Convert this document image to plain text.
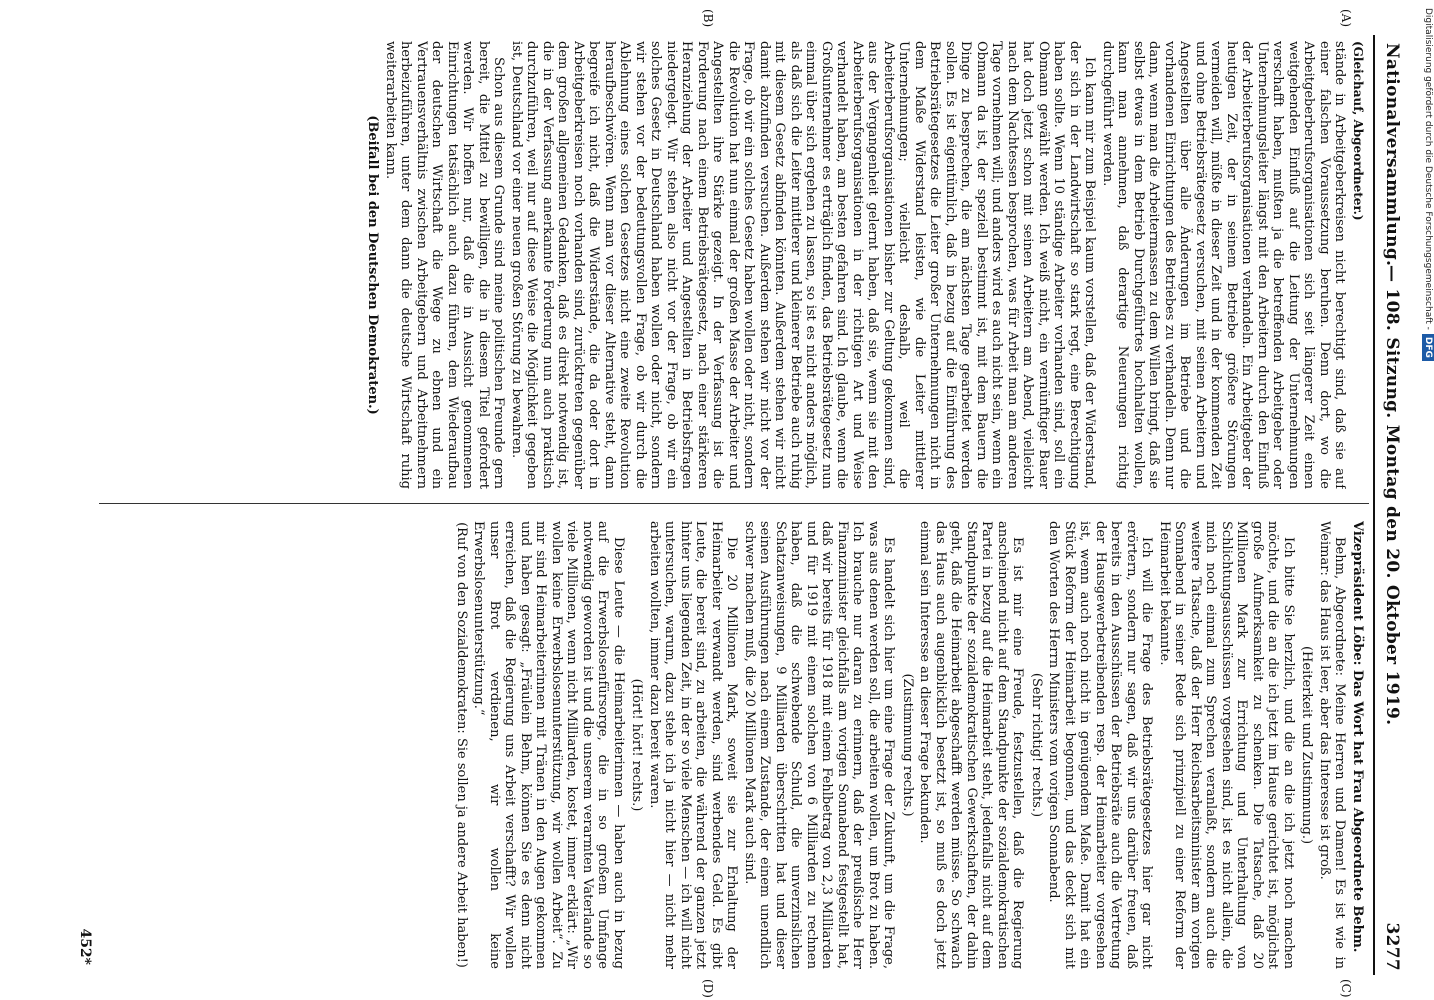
Nationalversammlung.
— 108. Sitzung. Montag den 20. Oktober 1919.
3277
(A)
(B)
(C)
(D)
(Gleichauf, Abgeordneter.)

stände in Arbeitgeberkreisen nicht berechtigt sind, daß sie auf einer falschen Voraussetzung beruhen. Denn dort, wo die Arbeitgeberberufsorganisationen sich seit längerer Zeit einen weitgehenden Einfluß auf die Leitung der Unternehmungen verschafft haben, mußten ja die betreffenden Arbeitgeber oder Unternehmungsleiter längst mit den Arbeitern durch den Einfluß der Arbeiterberufsorganisationen verhandeln. Ein Arbeitgeber der heutigen Zeit, der in seinem Betriebe größere Störungen vermeiden will, müßte in dieser Zeit und in der kommenden Zeit und ohne Betriebsrätegesetz versuchen, mit seinen Arbeitern und Angestellten über alle Änderungen im Betriebe und die vorhandenen Einrichtungen des Betriebes zu verhandeln. Denn nur dann, wenn man die Arbeitermassen zu dem Willen bringt, daß sie selbst etwas in dem Betrieb Durchgeführtes hochhalten wollen, kann man annehmen, daß derartige Neuerungen richtig durchgeführt werden.

Ich kann mir zum Beispiel kaum vorstellen, daß der Widerstand, der sich in der Landwirtschaft so stark regt, eine Berechtigung haben sollte. Wenn 10 ständige Arbeiter vorhanden sind, soll ein Obmann gewählt werden. Ich weiß nicht, ein vernünftiger Bauer hat doch jetzt schon mit seinen Arbeitern am Abend, vielleicht nach dem Nachtessen besprochen, was für Arbeit man am anderen Tage vornehmen will; und anders wird es auch nicht sein, wenn ein Obmann da ist, der speziell bestimmt ist, mit dem Bauern die Dinge zu besprechen, die am nächsten Tage gearbeitet werden sollen. Es ist eigentümlich, daß in bezug auf die Einführung des Betriebsrätegesetzes die Leiter großer Unternehmungen nicht in dem Maße Widerstand leisten, wie die Leiter mittlerer Unternehmungen; vielleicht deshalb, weil die Arbeiterberufsorganisationen bisher zur Geltung gekommen sind, aus der Vergangenheit gelernt haben, daß sie, wenn sie mit den Arbeiterberufsorganisationen in der richtigen Art und Weise verhandelt haben, am besten gefahren sind. Ich glaube, wenn die Großunternehmer es erträglich finden, das Betriebsrätegesetz nun einmal über sich ergehen zu lassen, so ist es nicht anders möglich, als daß sich die Leiter mittlerer und kleinerer Betriebe auch ruhig mit diesem Gesetz abfinden könnten. Außerdem stehen wir nicht damit abzufinden versuchen. Außerdem stehen wir nicht vor der Frage, ob wir ein solches Gesetz haben wollen oder nicht, sondern die Revolution hat nun einmal der großen Masse der Arbeiter und Angestellten ihre Stärke gezeigt. In der Verfassung ist die Forderung nach einem Betriebsrätegesetz, nach einer stärkeren Heranziehung der Arbeiter und Angestellten in Betriebsfragen niedergelegt. Wir stehen also nicht vor der Frage, ob wir ein solches Gesetz in Deutschland haben wollen oder nicht, sondern wir stehen vor der bedeutungsvollen Frage, ob wir durch die Ablehnung eines solchen Gesetzes nicht eine zweite Revolution heraufbeschwören. Wenn man vor dieser Alternative steht, dann begreife ich nicht, daß die Widerstände, die da oder dort in Arbeitgeberkreisen noch vorhanden sind, zurücktreten gegenüber dem großen allgemeinen Gedanken, daß es direkt notwendig ist, die in der Verfassung anerkannte Forderung nun auch praktisch durchzuführen, weil nur auf diese Weise die Möglichkeit gegeben ist, Deutschland vor einer neuen großen Störung zu bewahren.

Schon aus diesem Grunde sind meine politischen Freunde gern bereit, die Mittel zu bewilligen, die in diesem Titel gefordert werden. Wir hoffen nur, daß die in Aussicht genommenen Einrichtungen tatsächlich auch dazu führen, dem Wiederaufbau der deutschen Wirtschaft die Wege zu ebnen und ein Vertrauensverhältnis zwischen Arbeitgebern und Arbeitnehmern herbeizuführen, unter dem dann die deutsche Wirtschaft ruhig weiterarbeiten kann.

(Beifall bei den Deutschen Demokraten.)

Vizepräsident Löbe: Das Wort hat Frau Abgeordnete Behm.

Behm, Abgeordnete: Meine Herren und Damen! Es ist wie in Weimar: das Haus ist leer, aber das Interesse ist groß.

(Heiterkeit und Zustimmung.)

Ich bitte Sie herzlich, und die an die ich jetzt noch machen möchte, und die an die ich jetzt im Hause gerichtet ist, möglichst große Aufmerksamkeit zu schenken. Die Tatsache, daß 20 Millionen Mark zur Errichtung und Unterhaltung von Schlichtungsausschüssen vorgesehen sind, ist es nicht allein, die mich noch einmal zum Sprechen veranlaßt, sondern auch die weitere Tatsache, daß der Herr Reichsarbeitsminister am vorigen Sonnabend in seiner Rede sich prinzipiell zu einer Reform der Heimarbeit bekannte.

Ich will die Frage des Betriebsrätegesetzes hier gar nicht erörtern, sondern nur sagen, daß wir uns darüber freuen, daß bereits in den Ausschüssen der Betriebsräte auch die Vertretung der Hausgewerbetreibenden resp. der Heimarbeiter vorgesehen ist, wenn auch noch nicht in genügendem Maße. Damit hat ein Stück Reform der Heimarbeit begonnen, und das deckt sich mit den Worten des Herrn Ministers vom vorigen Sonnabend.

(Sehr richtig! rechts.)

Es ist mir eine Freude, festzustellen, daß die Regierung anscheinend nicht auf dem Standpunkte der sozialdemokratischen Partei in bezug auf die Heimarbeit steht, jedenfalls nicht auf dem Standpunkte der sozialdemokratischen Gewerkschaften, der dahin geht, daß die Heimarbeit abgeschafft werden müsse. So schwach das Haus auch augenblicklich besetzt ist, so muß es doch jetzt einmal sein Interesse an dieser Frage bekunden.

(Zustimmung rechts.)

Es handelt sich hier um eine Frage der Zukunft, um die Frage, was aus denen werden soll, die arbeiten wollen, um Brot zu haben. Ich brauche nur daran zu erinnern, daß der preußische Herr Finanzminister gleichfalls am vorigen Sonnabend festgestellt hat, daß wir bereits für 1918 mit einem Fehlbetrag von 2,3 Milliarden und für 1919 mit einem solchen von 6 Milliarden zu rechnen haben, daß die schwebende Schuld, die unverzinslichen Schatzanweisungen, 9 Milliarden überschritten hat und dieser seinen Ausführungen nach einem Zustande, der einem unendlich schwer machen muß, die 20 Millionen Mark auch sind.

Die 20 Millionen Mark, soweit sie zur Erhaltung der Heimarbeiter verwandt werden, sind werbendes Geld. Es gibt Leute, die bereit sind, zu arbeiten, die während der ganzen jetzt hinter uns liegenden Zeit, in der so viele Menschen — ich will nicht untersuchen, warum, dazu stehe ich ja nicht hier — nicht mehr arbeiten wollten, immer dazu bereit waren.

(Hört! hört! rechts.)

Diese Leute — die Heimarbeiterinnen — haben auch in bezug auf die Erwerbslosenfürsorge, die in so großem Umfange notwendig geworden ist und die unserem verarmten Vaterlande so viele Millionen, wenn nicht Milliarden, kostet, immer erklärt: „Wir wollen keine Erwerbslosenunterstützung, wir wollen Arbeit“. Zu mir sind Heimarbeiterinnen mit Tränen in den Augen gekommen und haben gesagt: „Fräulein Behm, können Sie es denn nicht erreichen, daß die Regierung uns Arbeit verschafft? Wir wollen unser Brot verdienen, wir wollen keine Erwerbslosenunterstützung.“

(Ruf von den Sozialdemokraten: Sie sollen ja andere Arbeit haben!)

452*
Digitalisierung gefördert durch die Deutsche Forschungsgemeinschaft -DFG
